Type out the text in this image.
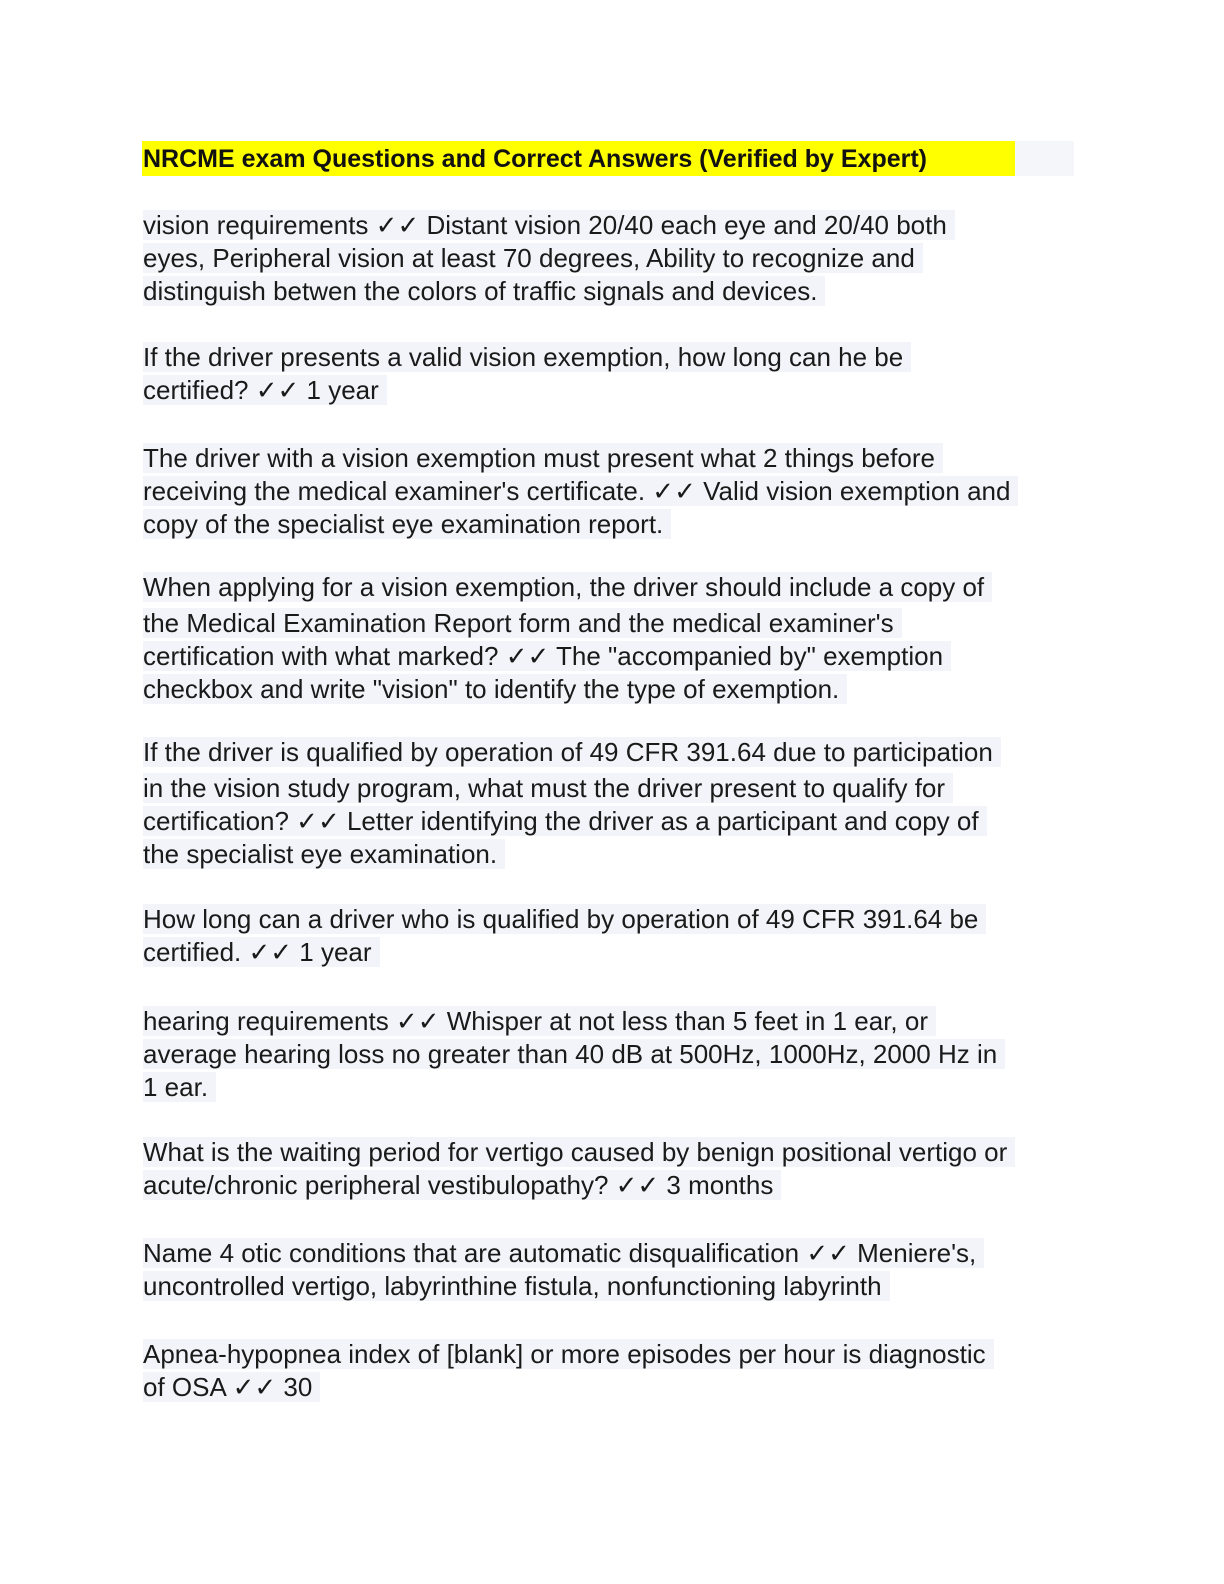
NRCME exam Questions and Correct Answers (Verified by Expert)
vision requirements ✓✓ Distant vision 20/40 each eye and 20/40 both
eyes, Peripheral vision at least 70 degrees, Ability to recognize and
distinguish betwen the colors of traffic signals and devices.
If the driver presents a valid vision exemption, how long can he be
certified? ✓✓ 1 year
The driver with a vision exemption must present what 2 things before
receiving the medical examiner's certificate. ✓✓ Valid vision exemption and
copy of the specialist eye examination report.
When applying for a vision exemption, the driver should include a copy of
the Medical Examination Report form and the medical examiner's
certification with what marked? ✓✓ The "accompanied by" exemption
checkbox and write "vision" to identify the type of exemption.
If the driver is qualified by operation of 49 CFR 391.64 due to participation
in the vision study program, what must the driver present to qualify for
certification? ✓✓ Letter identifying the driver as a participant and copy of
the specialist eye examination.
How long can a driver who is qualified by operation of 49 CFR 391.64 be
certified. ✓✓ 1 year
hearing requirements ✓✓ Whisper at not less than 5 feet in 1 ear, or
average hearing loss no greater than 40 dB at 500Hz, 1000Hz, 2000 Hz in
1 ear.
What is the waiting period for vertigo caused by benign positional vertigo or
acute/chronic peripheral vestibulopathy? ✓✓ 3 months
Name 4 otic conditions that are automatic disqualification ✓✓ Meniere's,
uncontrolled vertigo, labyrinthine fistula, nonfunctioning labyrinth
Apnea-hypopnea index of [blank] or more episodes per hour is diagnostic
of OSA ✓✓ 30
